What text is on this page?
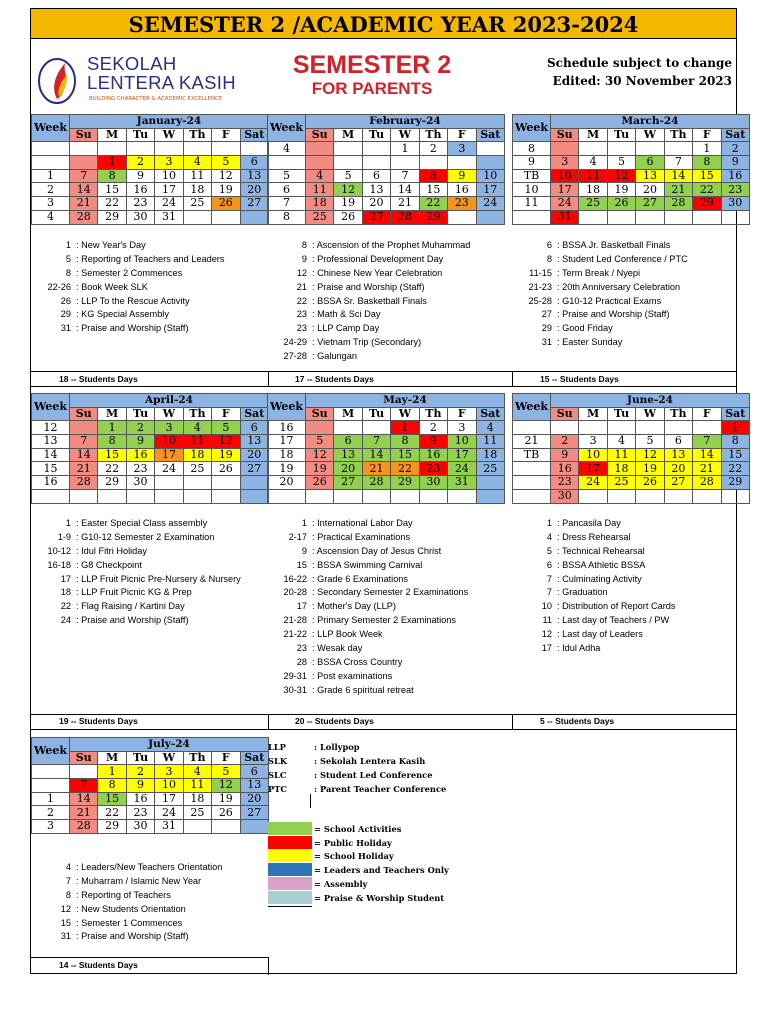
SEMESTER 2 /ACADEMIC YEAR 2023-2024
SEKOLAH
LENTERA KASIH
BUILDING CHARACTER & ACADEMIC EXCELLENCE
SEMESTER 2
FOR PARENTS
Schedule subject to change
Edited: 30 November 2023
Week	January-24						
	Su	M	Tu	W	Th	F	Sat

		1	2	3	4	5	6
1	7	8	9	10	11	12	13
2	14	15	16	17	18	19	20
3	21	22	23	24	25	26	27
4	28	29	30	31			
1 : New Year's Day
5 : Reporting of Teachers and Leaders
8 : Semester 2 Commences
22-26 : Book Week SLK
26 : LLP To the Rescue Activity
29 : KG Special Assembly
31 : Praise and Worship (Staff)
18 -- Students Days
Week	February-24						
	Su	M	Tu	W	Th	F	Sat
4				1	2	3	

5	4	5	6	7	8	9	10
6	11	12	13	14	15	16	17
7	18	19	20	21	22	23	24
8	25	26	27	28	29		
8 : Ascension of the Prophet Muhammad
9 : Professional Development Day
12 : Chinese New Year Celebration
21 : Praise and Worship (Staff)
22 : BSSA Sr. Basketball Finals
23 : Math & Sci Day
23 : LLP Camp Day
24-29 : Vietnam Trip (Secondary)
27-28 : Galungan
17 -- Students Days
Week	March-24						
	Su	M	Tu	W	Th	F	Sat
8						1	2
9	3	4	5	6	7	8	9
TB	10	11	12	13	14	15	16
10	17	18	19	20	21	22	23
11	24	25	26	27	28	29	30
	31						
6 : BSSA Jr. Basketball Finals
8 : Student Led Conference / PTC
11-15 : Term Break / Nyepi
21-23 : 20th Anniversary Celebration
25-28 : G10-12 Practical Exams
27 : Praise and Worship (Staff)
29 : Good Friday
31 : Easter Sunday
15 -- Students Days
Week	April-24						
	Su	M	Tu	W	Th	F	Sat
12		1	2	3	4	5	6
13	7	8	9	10	11	12	13
14	14	15	16	17	18	19	20
15	21	22	23	24	25	26	27
16	28	29	30				

1 : Easter Special Class assembly
1-9 : G10-12 Semester 2 Examination
10-12 : Idul Fitri Holiday
16-18 : G8 Checkpoint
17 : LLP Fruit Picnic Pre-Nursery & Nursery
18 : LLP Fruit Picnic KG & Prep
22 : Flag Raising / Kartini Day
24 : Praise and Worship (Staff)
19 -- Students Days
Week	May-24						
	Su	M	Tu	W	Th	F	Sat
16				1	2	3	4
17	5	6	7	8	9	10	11
18	12	13	14	15	16	17	18
19	19	20	21	22	23	24	25
20	26	27	28	29	30	31	

1 : International Labor Day
2-17 : Practical Examinations
9 : Ascension Day of Jesus Christ
15 : BSSA Swimming Carnival
16-22 : Grade 6 Examinations
20-28 : Secondary Semester 2 Examinations
17 : Mother's Day (LLP)
21-28 : Primary Semester 2 Examinations
21-22 : LLP Book Week
23 : Wesak day
28 : BSSA Cross Country
29-31 : Post examinations
30-31 : Grade 6 spiritual retreat
20 -- Students Days
Week	June-24						
	Su	M	Tu	W	Th	F	Sat
							1
21	2	3	4	5	6	7	8
TB	9	10	11	12	13	14	15
	16	17	18	19	20	21	22
	23	24	25	26	27	28	29
	30						
1 : Pancasila Day
4 : Dress Rehearsal
5 : Technical Rehearsal
6 : BSSA Athletic BSSA
7 : Culminating Activity
7 : Graduation
10 : Distribution of Report Cards
11 : Last day of Teachers / PW
12 : Last day of Leaders
17 : Idul Adha
5 -- Students Days
Week	July-24						
	Su	M	Tu	W	Th	F	Sat
		1	2	3	4	5	6
	7	8	9	10	11	12	13
1	14	15	16	17	18	19	20
2	21	22	23	24	25	26	27
3	28	29	30	31			
4 : Leaders/New Teachers Orientation
7 : Muharram / Islamic New Year
8 : Reporting of Teachers
12 : New Students Orientation
15 : Semester 1 Commences
31 : Praise and Worship (Staff)
14 -- Students Days
LLP	: Lollypop
SLK	: Sekolah Lentera Kasih
SLC	: Student Led Conference
PTC	: Parent Teacher Conference
= School Activities
= Public Holiday
= School Holiday
= Leaders and Teachers Only
= Assembly
= Praise & Worship Student
